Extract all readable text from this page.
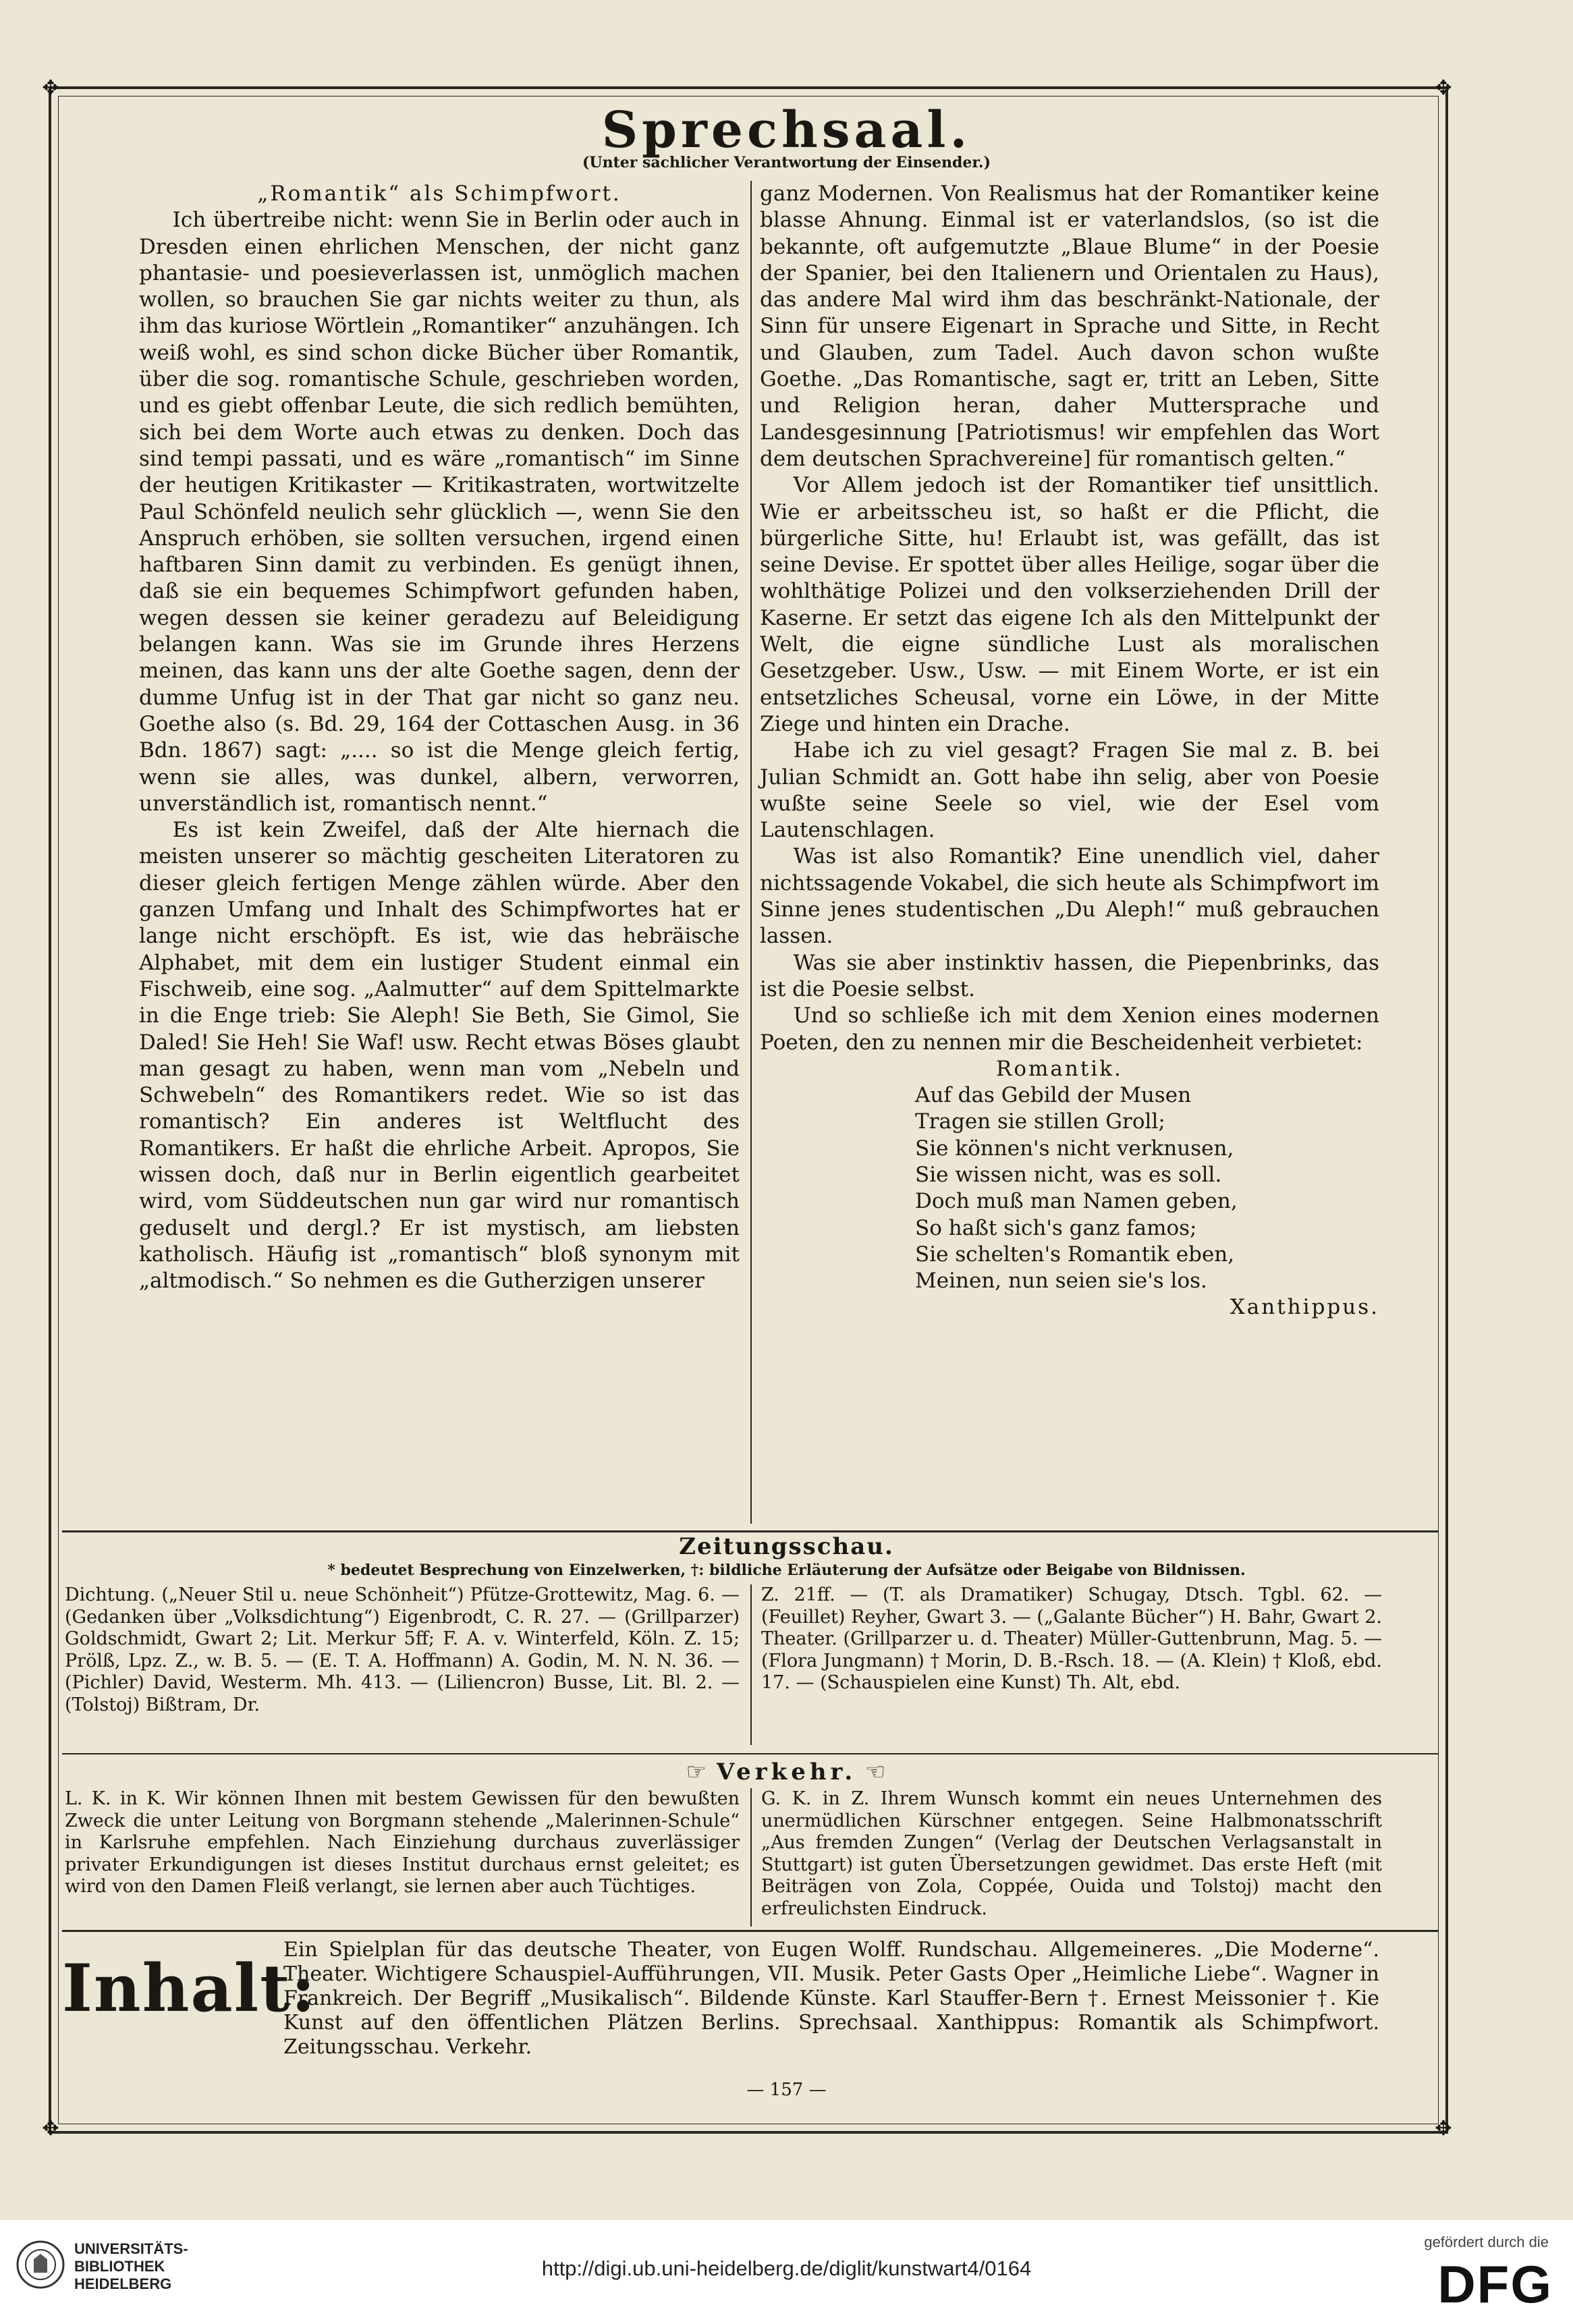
✥	✥
✥	✥
Sprechsaal.
(Unter sachlicher Verantwortung der Einsender.)

„Romantik“ als Schimpfwort.

Ich übertreibe nicht: wenn Sie in Berlin oder auch in Dresden einen ehrlichen Menschen, der nicht ganz phantasie- und poesieverlassen ist, unmöglich machen wollen, so brauchen Sie gar nichts weiter zu thun, als ihm das kuriose Wörtlein „Romantiker“ anzuhängen. Ich weiß wohl, es sind schon dicke Bücher über Romantik, über die sog. romantische Schule, geschrieben worden, und es giebt offenbar Leute, die sich redlich bemühten, sich bei dem Worte auch etwas zu denken. Doch das sind tempi passati, und es wäre „romantisch“ im Sinne der heutigen Kritikaster — Kritikastraten, wortwitzelte Paul Schönfeld neulich sehr glücklich —, wenn Sie den Anspruch erhöben, sie sollten versuchen, irgend einen haftbaren Sinn damit zu verbinden. Es genügt ihnen, daß sie ein bequemes Schimpfwort gefunden haben, wegen dessen sie keiner geradezu auf Beleidigung belangen kann. Was sie im Grunde ihres Herzens meinen, das kann uns der alte Goethe sagen, denn der dumme Unfug ist in der That gar nicht so ganz neu. Goethe also (s. Bd. 29, 164 der Cottaschen Ausg. in 36 Bdn. 1867) sagt: „.... so ist die Menge gleich fertig, wenn sie alles, was dunkel, albern, verworren, unverständlich ist, romantisch nennt.“

Es ist kein Zweifel, daß der Alte hiernach die meisten unserer so mächtig gescheiten Literatoren zu dieser gleich fertigen Menge zählen würde. Aber den ganzen Umfang und Inhalt des Schimpfwortes hat er lange nicht erschöpft. Es ist, wie das hebräische Alphabet, mit dem ein lustiger Student einmal ein Fischweib, eine sog. „Aalmutter“ auf dem Spittelmarkte in die Enge trieb: Sie Aleph! Sie Beth, Sie Gimol, Sie Daled! Sie Heh! Sie Waf! usw. Recht etwas Böses glaubt man gesagt zu haben, wenn man vom „Nebeln und Schwebeln“ des Romantikers redet. Wie so ist das romantisch? Ein anderes ist Weltflucht des Romantikers. Er haßt die ehrliche Arbeit. Apropos, Sie wissen doch, daß nur in Berlin eigentlich gearbeitet wird, vom Süddeutschen nun gar wird nur romantisch geduselt und dergl.? Er ist mystisch, am liebsten katholisch. Häufig ist „romantisch“ bloß synonym mit „altmodisch.“ So nehmen es die Gutherzigen unserer

ganz Modernen. Von Realismus hat der Romantiker keine blasse Ahnung. Einmal ist er vaterlandslos, (so ist die bekannte, oft aufgemutzte „Blaue Blume“ in der Poesie der Spanier, bei den Italienern und Orientalen zu Haus), das andere Mal wird ihm das beschränkt-Nationale, der Sinn für unsere Eigenart in Sprache und Sitte, in Recht und Glauben, zum Tadel. Auch davon schon wußte Goethe. „Das Romantische, sagt er, tritt an Leben, Sitte und Religion heran, daher Muttersprache und Landesgesinnung [Patriotismus! wir empfehlen das Wort dem deutschen Sprachvereine] für romantisch gelten.“

Vor Allem jedoch ist der Romantiker tief unsittlich. Wie er arbeitsscheu ist, so haßt er die Pflicht, die bürgerliche Sitte, hu! Erlaubt ist, was gefällt, das ist seine Devise. Er spottet über alles Heilige, sogar über die wohlthätige Polizei und den volkserziehenden Drill der Kaserne. Er setzt das eigene Ich als den Mittelpunkt der Welt, die eigne sündliche Lust als moralischen Gesetzgeber. Usw., Usw. — mit Einem Worte, er ist ein entsetzliches Scheusal, vorne ein Löwe, in der Mitte Ziege und hinten ein Drache.

Habe ich zu viel gesagt? Fragen Sie mal z. B. bei Julian Schmidt an. Gott habe ihn selig, aber von Poesie wußte seine Seele so viel, wie der Esel vom Lautenschlagen.

Was ist also Romantik? Eine unendlich viel, daher nichtssagende Vokabel, die sich heute als Schimpfwort im Sinne jenes studentischen „Du Aleph!“ muß gebrauchen lassen.

Was sie aber instinktiv hassen, die Piepenbrinks, das ist die Poesie selbst.

Und so schließe ich mit dem Xenion eines modernen Poeten, den zu nennen mir die Bescheidenheit verbietet:

Romantik.
Auf das Gebild der Musen
Tragen sie stillen Groll;
Sie können's nicht verknusen,
Sie wissen nicht, was es soll.
Doch muß man Namen geben,
So haßt sich's ganz famos;
Sie schelten's Romantik eben,
Meinen, nun seien sie's los.
Xanthippus.
Zeitungsschau.
* bedeutet Besprechung von Einzelwerken, †: bildliche Erläuterung der Aufsätze oder Beigabe von Bildnissen.
Dichtung. („Neuer Stil u. neue Schönheit“) Pfütze-Grottewitz, Mag. 6. — (Gedanken über „Volksdichtung“) Eigenbrodt, C. R. 27. — (Grillparzer) Goldschmidt, Gwart 2; Lit. Merkur 5ff; F. A. v. Winterfeld, Köln. Z. 15; Prölß, Lpz. Z., w. B. 5. — (E. T. A. Hoffmann) A. Godin, M. N. N. 36. — (Pichler) David, Westerm. Mh. 413. — (Liliencron) Busse, Lit. Bl. 2. — (Tolstoj) Bißtram, Dr.
Z. 21ff. — (T. als Dramatiker) Schugay, Dtsch. Tgbl. 62. — (Feuillet) Reyher, Gwart 3. — („Galante Bücher“) H. Bahr, Gwart 2. Theater. (Grillparzer u. d. Theater) Müller-Guttenbrunn, Mag. 5. — (Flora Jungmann) † Morin, D. B.-Rsch. 18. — (A. Klein) † Kloß, ebd. 17. — (Schauspielen eine Kunst) Th. Alt, ebd.
☞ Verkehr. ☜
L. K. in K. Wir können Ihnen mit bestem Gewissen für den bewußten Zweck die unter Leitung von Borgmann stehende „Malerinnen-Schule“ in Karlsruhe empfehlen. Nach Einziehung durchaus zuverlässiger privater Erkundigungen ist dieses Institut durchaus ernst geleitet; es wird von den Damen Fleiß verlangt, sie lernen aber auch Tüchtiges.
G. K. in Z. Ihrem Wunsch kommt ein neues Unternehmen des unermüdlichen Kürschner entgegen. Seine Halbmonatsschrift „Aus fremden Zungen“ (Verlag der Deutschen Verlagsanstalt in Stuttgart) ist guten Übersetzungen gewidmet. Das erste Heft (mit Beiträgen von Zola, Coppée, Ouida und Tolstoj) macht den erfreulichsten Eindruck.
Inhalt:
Ein Spielplan für das deutsche Theater, von Eugen Wolff. Rundschau. Allgemeineres. „Die Moderne“. Theater. Wichtigere Schauspiel-Aufführungen, VII. Musik. Peter Gasts Oper „Heimliche Liebe“. Wagner in Frankreich. Der Begriff „Musikalisch“. Bildende Künste. Karl Stauffer-Bern †. Ernest Meissonier †. Kie Kunst auf den öffentlichen Plätzen Berlins. Sprechsaal. Xanthippus: Romantik als Schimpfwort. Zeitungsschau. Verkehr.
— 157 —
UNIVERSITÄTS-
BIBLIOTHEK
HEIDELBERG
http://digi.ub.uni-heidelberg.de/diglit/kunstwart4/0164
gefördert durch die
DFG
